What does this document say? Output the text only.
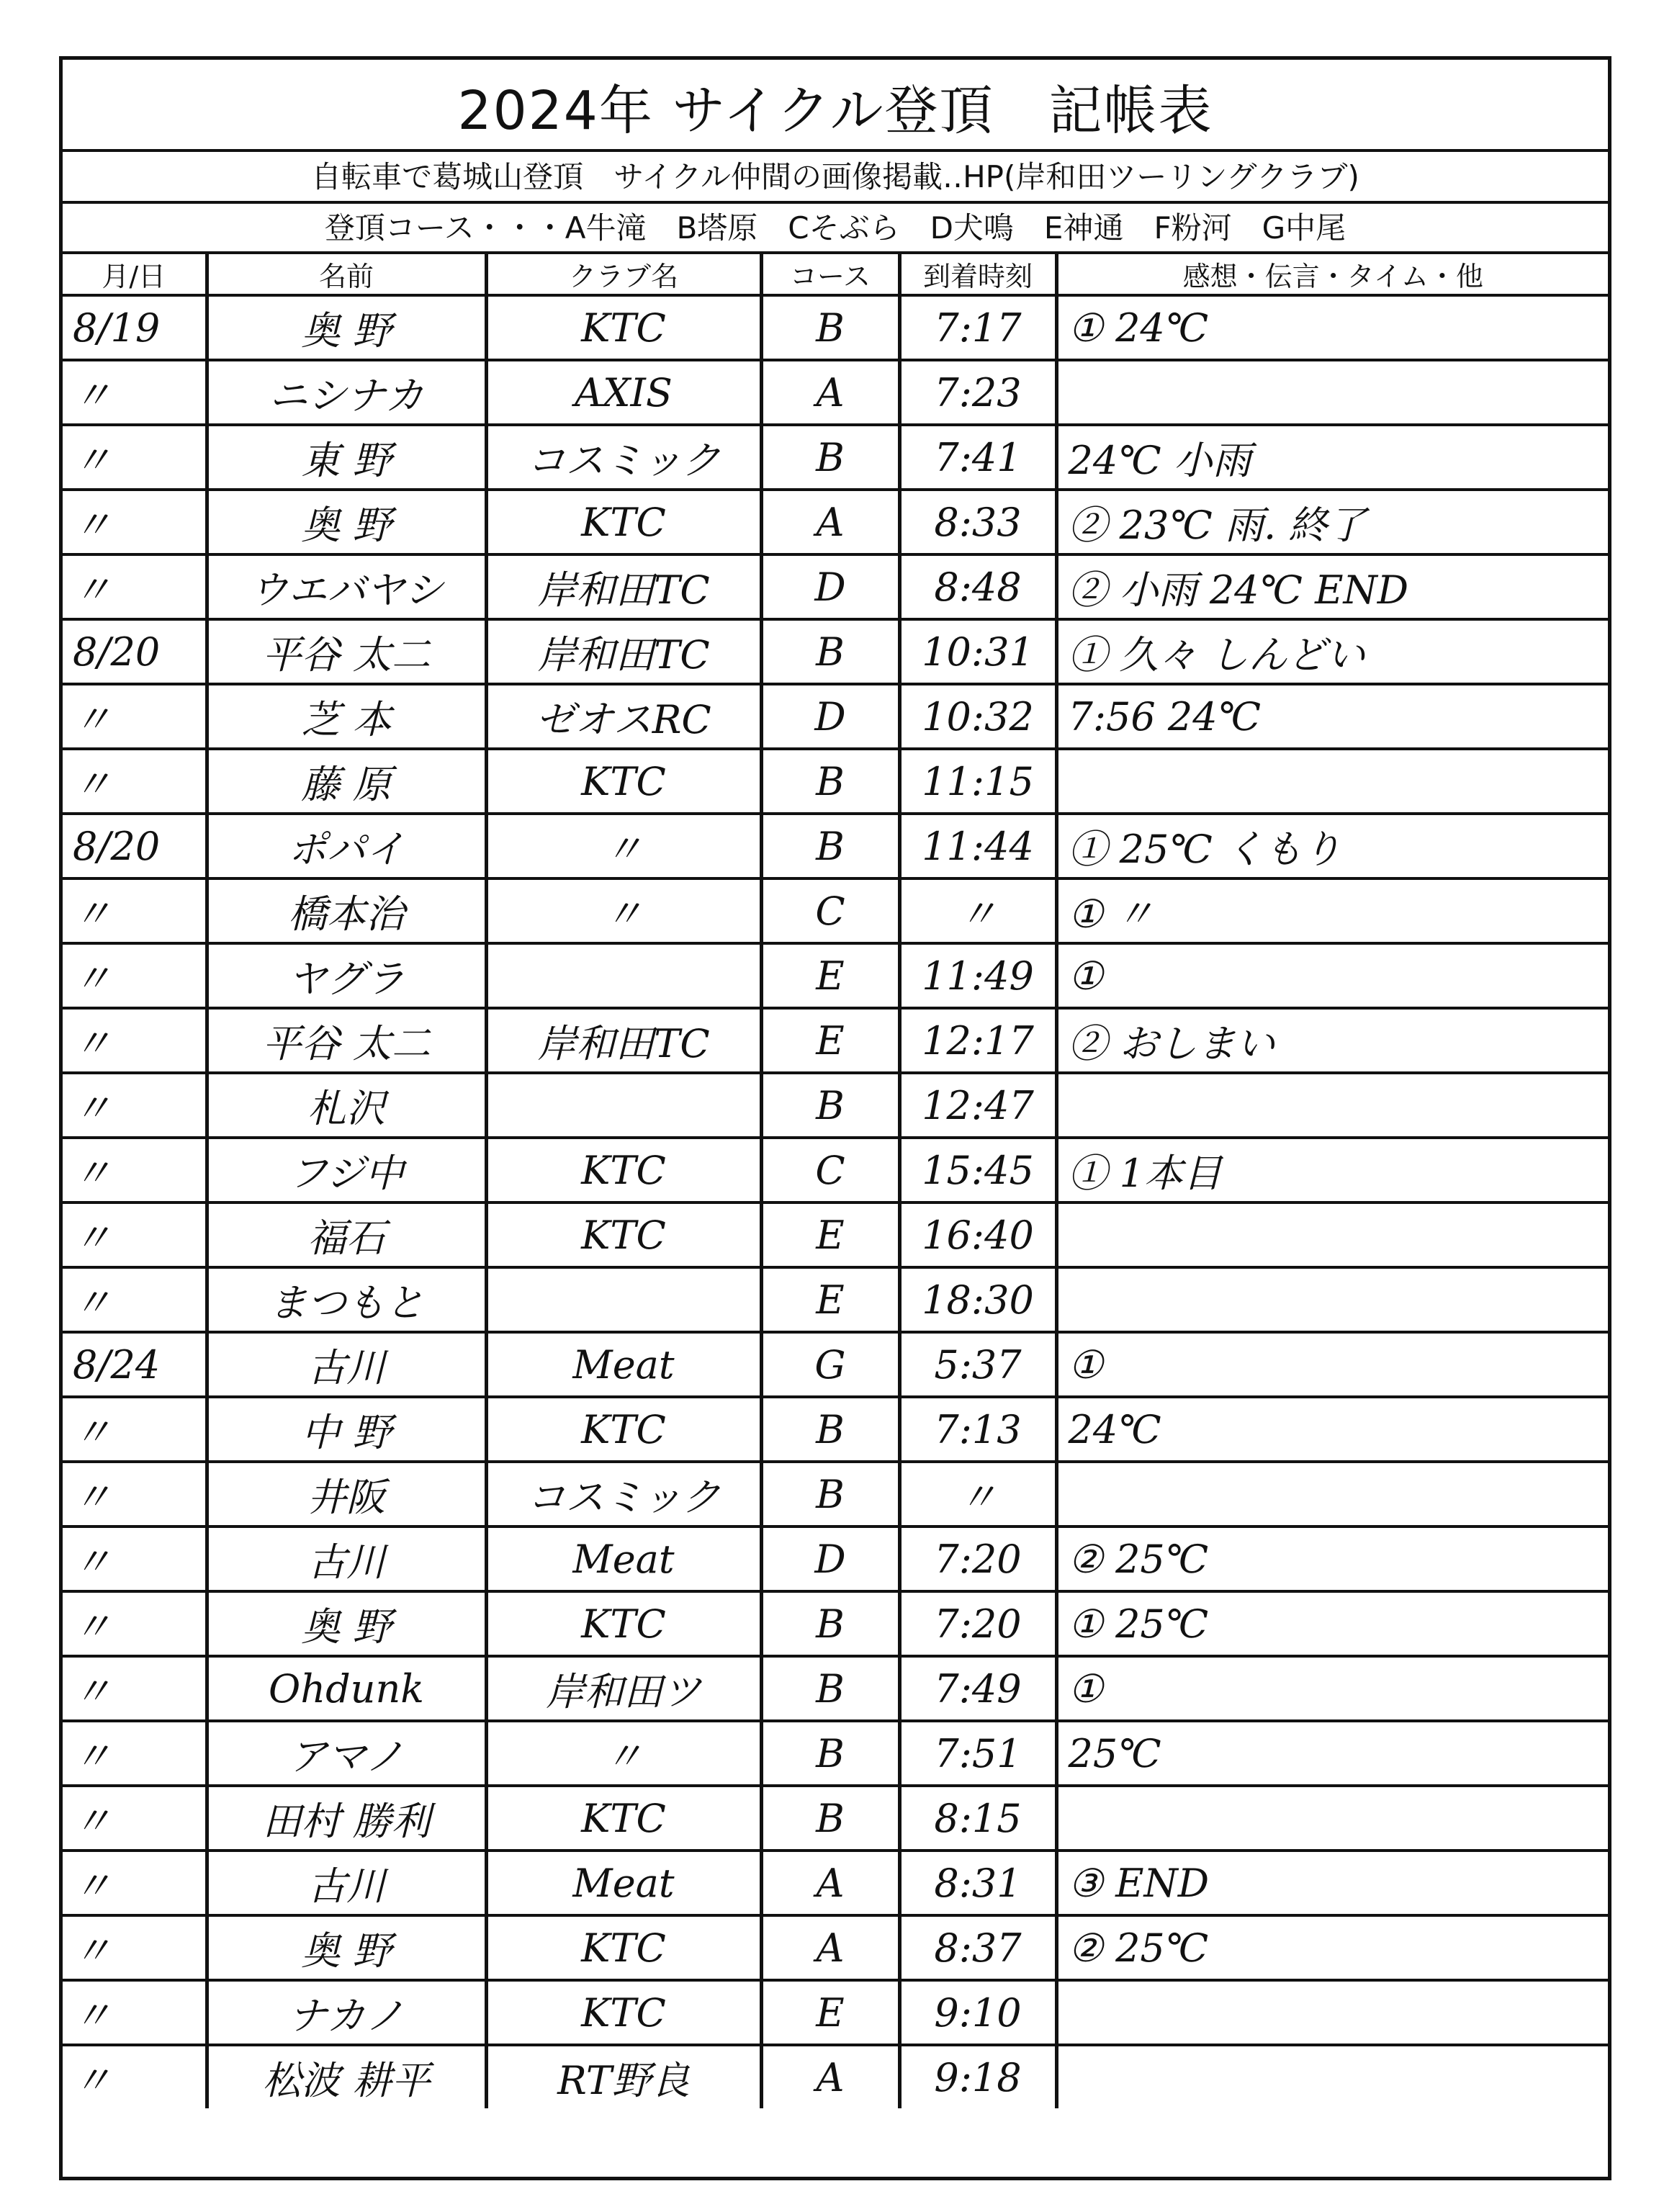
2024年 サイクル登頂　記帳表
自転車で葛城山登頂　サイクル仲間の画像掲載‥HP(岸和田ツーリングクラブ)
登頂コース・・・A牛滝　B塔原　Cそぶら　D犬鳴　E神通　F粉河　G中尾
月/日	名前	クラブ名	コース	到着時刻	感想・伝言・タイム・他
8/19	奥 野	KTC	B	7:17	① 24℃
〃	ニシナカ	AXIS	A	7:23	
〃	東 野	コスミック	B	7:41	24℃ 小雨
〃	奥 野	KTC	A	8:33	② 23℃ 雨. 終了
〃	ウエバヤシ	岸和田TC	D	8:48	② 小雨 24℃ END
8/20	平谷 太二	岸和田TC	B	10:31	① 久々 しんどい
〃	芝 本	ゼオスRC	D	10:32	7:56 24℃
〃	藤 原	KTC	B	11:15	
8/20	ポパイ	〃	B	11:44	① 25℃ くもり
〃	橋本治	〃	C	〃	① 〃
〃	ヤグラ		E	11:49	①
〃	平谷 太二	岸和田TC	E	12:17	② おしまい
〃	札沢		B	12:47	
〃	フジ中	KTC	C	15:45	① 1本目
〃	福石	KTC	E	16:40	
〃	まつもと		E	18:30	
8/24	古川	Meat	G	5:37	①
〃	中 野	KTC	B	7:13	24℃
〃	井阪	コスミック	B	〃	
〃	古川	Meat	D	7:20	② 25℃
〃	奥 野	KTC	B	7:20	① 25℃
〃	Ohdunk	岸和田ツ	B	7:49	①
〃	アマノ	〃	B	7:51	25℃
〃	田村 勝利	KTC	B	8:15	
〃	古川	Meat	A	8:31	③ END
〃	奥 野	KTC	A	8:37	② 25℃
〃	ナカノ	KTC	E	9:10	
〃	松波 耕平	RT野良	A	9:18	
